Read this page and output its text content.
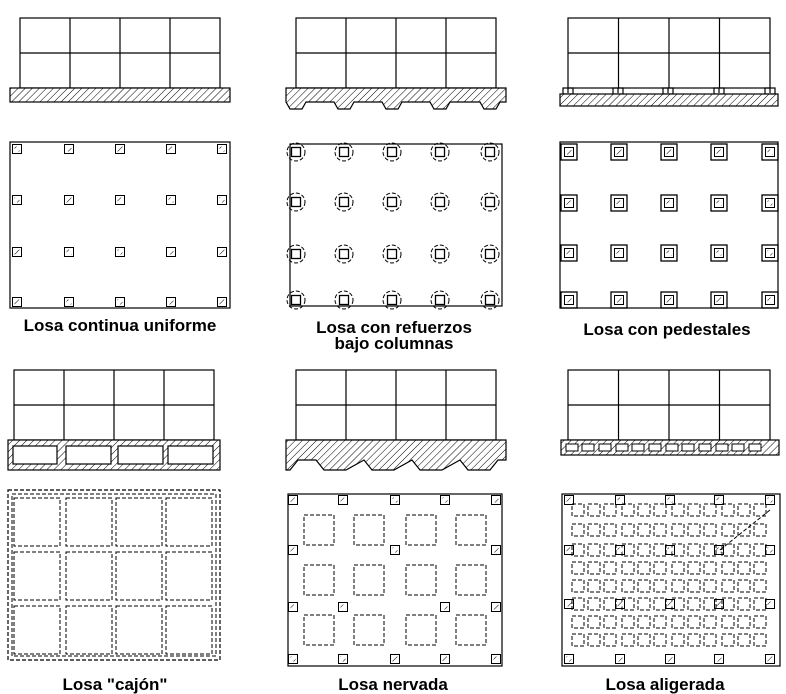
Losa continua uniforme	Losa con refuerzos
bajo columnas

Losa con pedestales

Losa "cajón"	Losa nervada	Losa aligerada
